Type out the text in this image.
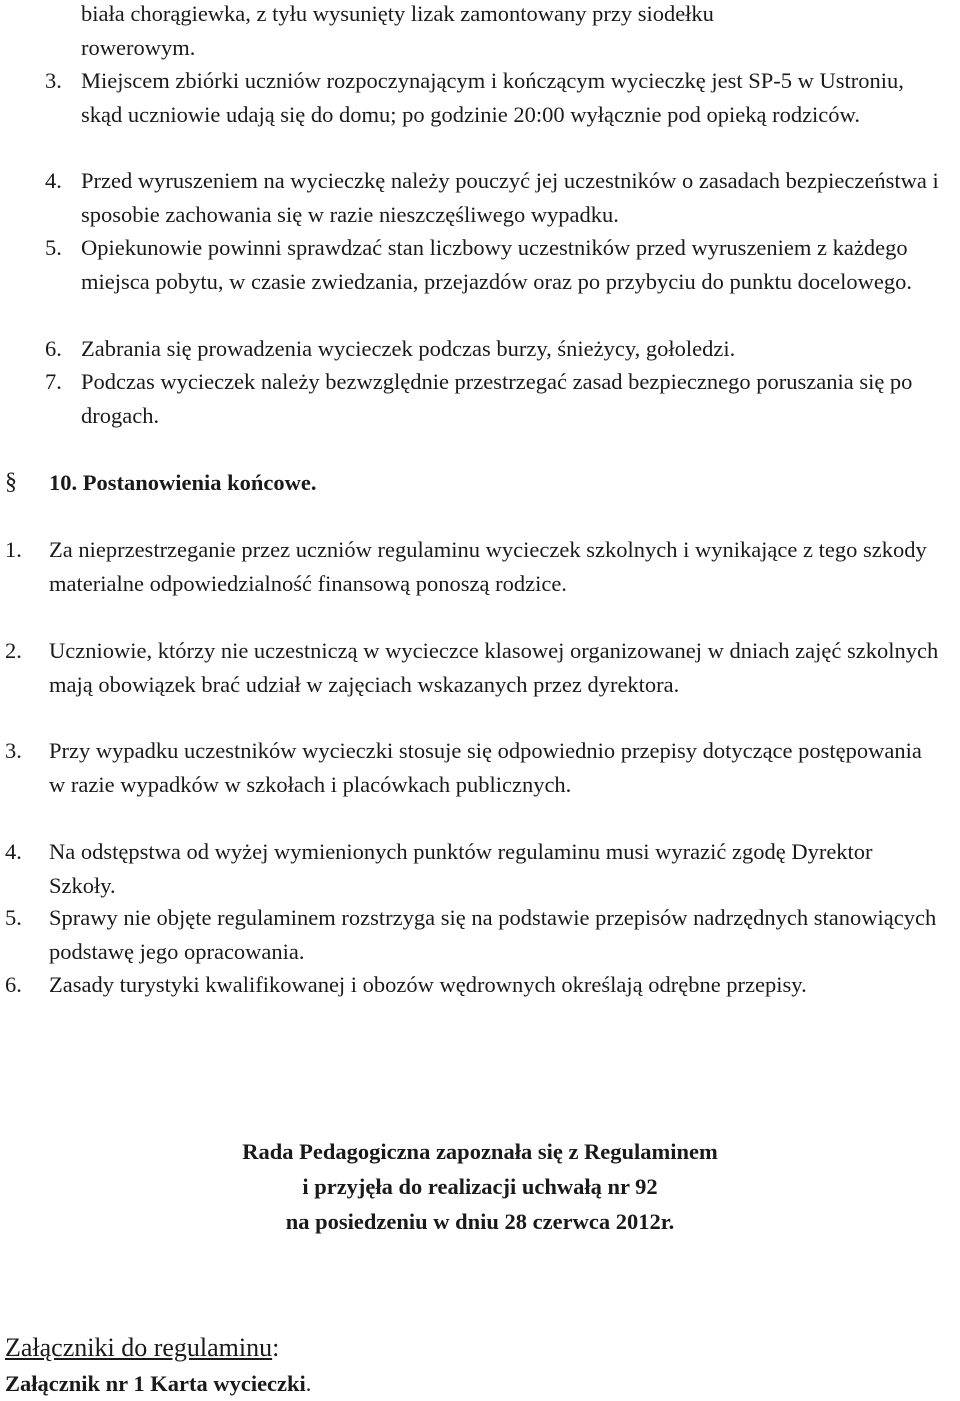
biała chorągiewka, z tyłu wysunięty lizak zamontowany przy siodełku
rowerowym.
3. Miejscem zbiórki uczniów rozpoczynającym i kończącym wycieczkę jest SP-5 w Ustroniu, skąd uczniowie udają się do domu; po godzinie 20:00 wyłącznie pod opieką rodziców.
4. Przed wyruszeniem na wycieczkę należy pouczyć jej uczestników o zasadach bezpieczeństwa i sposobie zachowania się w razie nieszczęśliwego wypadku.
5. Opiekunowie powinni sprawdzać stan liczbowy uczestników przed wyruszeniem z każdego miejsca pobytu, w czasie zwiedzania, przejazdów oraz po przybyciu do punktu docelowego.
6. Zabrania się prowadzenia wycieczek podczas burzy, śnieżycy, gołoledzi.
7. Podczas wycieczek należy bezwzględnie przestrzegać zasad bezpiecznego poruszania się po drogach.
§	10. Postanowienia końcowe.
1.	Za nieprzestrzeganie przez uczniów regulaminu wycieczek szkolnych i wynikające z tego szkody materialne odpowiedzialność finansową ponoszą rodzice.
2.	Uczniowie, którzy nie uczestniczą w wycieczce klasowej organizowanej w dniach zajęć szkolnych mają obowiązek brać udział w zajęciach wskazanych przez dyrektora.
3.	Przy wypadku uczestników wycieczki stosuje się odpowiednio przepisy dotyczące postępowania w razie wypadków w szkołach i placówkach publicznych.
4.	Na odstępstwa od wyżej wymienionych punktów regulaminu musi wyrazić zgodę Dyrektor Szkoły.
5.	Sprawy nie objęte regulaminem rozstrzyga się na podstawie przepisów nadrzędnych stanowiących podstawę jego opracowania.
6.	Zasady turystyki kwalifikowanej i obozów wędrownych określają odrębne przepisy.
Rada Pedagogiczna zapoznała się z Regulaminem
i przyjęła do realizacji uchwałą nr 92
na posiedzeniu w dniu 28 czerwca 2012r.
Załączniki do regulaminu:
Załącznik nr 1 Karta wycieczki.
